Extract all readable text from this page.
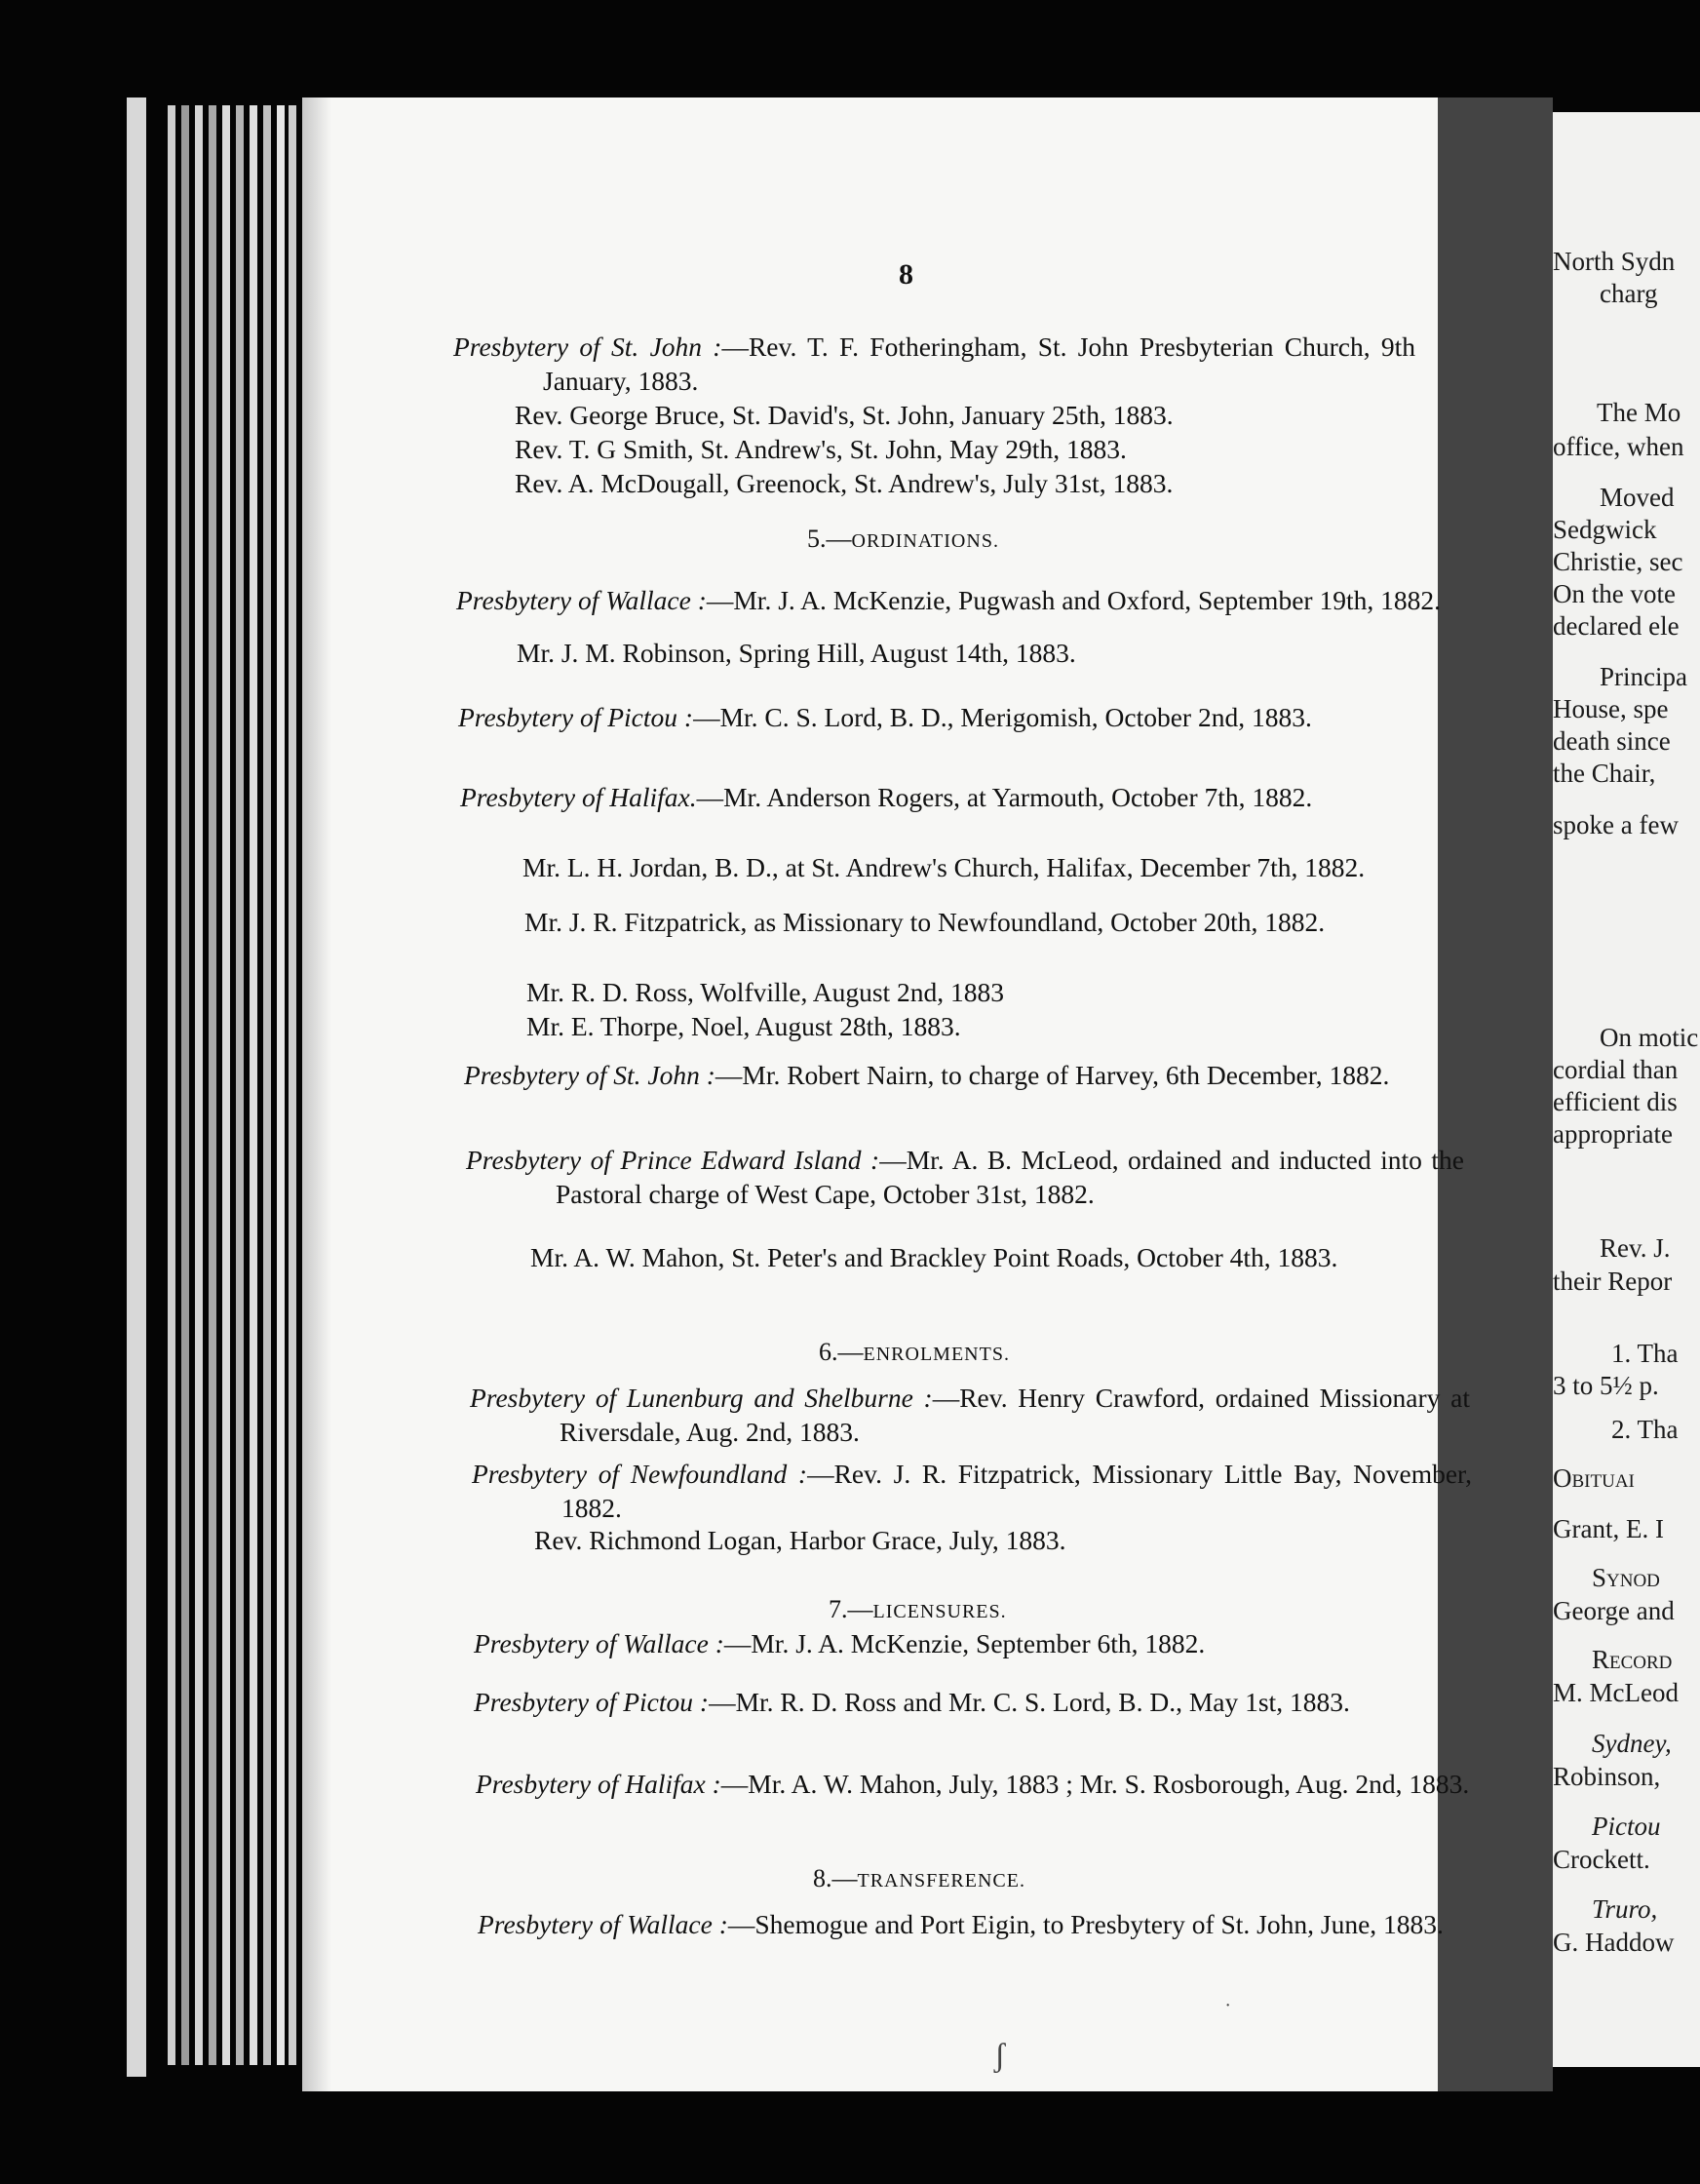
8
Presbytery of St. John :—Rev. T. F. Fotheringham, St. John Presbyterian Church, 9th January, 1883.
Rev. George Bruce, St. David's, St. John, January 25th, 1883.
Rev. T. G Smith, St. Andrew's, St. John, May 29th, 1883.
Rev. A. McDougall, Greenock, St. Andrew's, July 31st, 1883.
5.—ORDINATIONS.
Presbytery of Wallace :—Mr. J. A. McKenzie, Pugwash and Oxford, September 19th, 1882.
Mr. J. M. Robinson, Spring Hill, August 14th, 1883.
Presbytery of Pictou :—Mr. C. S. Lord, B. D., Merigomish, October 2nd, 1883.
Presbytery of Halifax.—Mr. Anderson Rogers, at Yarmouth, October 7th, 1882.
Mr. L. H. Jordan, B. D., at St. Andrew's Church, Halifax, December 7th, 1882.
Mr. J. R. Fitzpatrick, as Missionary to Newfoundland, October 20th, 1882.
Mr. R. D. Ross, Wolfville, August 2nd, 1883
Mr. E. Thorpe, Noel, August 28th, 1883.
Presbytery of St. John :—Mr. Robert Nairn, to charge of Harvey, 6th December, 1882.
Presbytery of Prince Edward Island :—Mr. A. B. McLeod, ordained and inducted into the Pastoral charge of West Cape, October 31st, 1882.
Mr. A. W. Mahon, St. Peter's and Brackley Point Roads, October 4th, 1883.
6.—ENROLMENTS.
Presbytery of Lunenburg and Shelburne :—Rev. Henry Crawford, ordained Missionary at Riversdale, Aug. 2nd, 1883.
Presbytery of Newfoundland :—Rev. J. R. Fitzpatrick, Missionary Little Bay, November, 1882.
Rev. Richmond Logan, Harbor Grace, July, 1883.
7.—LICENSURES.
Presbytery of Wallace :—Mr. J. A. McKenzie, September 6th, 1882.
Presbytery of Pictou :—Mr. R. D. Ross and Mr. C. S. Lord, B. D., May 1st, 1883.
Presbytery of Halifax :—Mr. A. W. Mahon, July, 1883 ; Mr. S. Rosborough, Aug. 2nd, 1883.
8.—TRANSFERENCE.
Presbytery of Wallace :—Shemogue and Port Eigin, to Presbytery of St. John, June, 1883.
ʃ
˙
North Sydn
charg
The Mo
office, when
Moved
Sedgwick
Christie, sec
On the vote
declared ele
Principa
House, spe
death since
the Chair,
spoke a few
On motic
cordial than
efficient dis
appropriate
Rev. J.
their Repor
1. Tha
3 to 5½ p.
2. Tha
Obituai
Grant, E. I
Synod
George and
Record
M. McLeod
Sydney,
Robinson,
Pictou
Crockett.
Truro,
G. Haddow
